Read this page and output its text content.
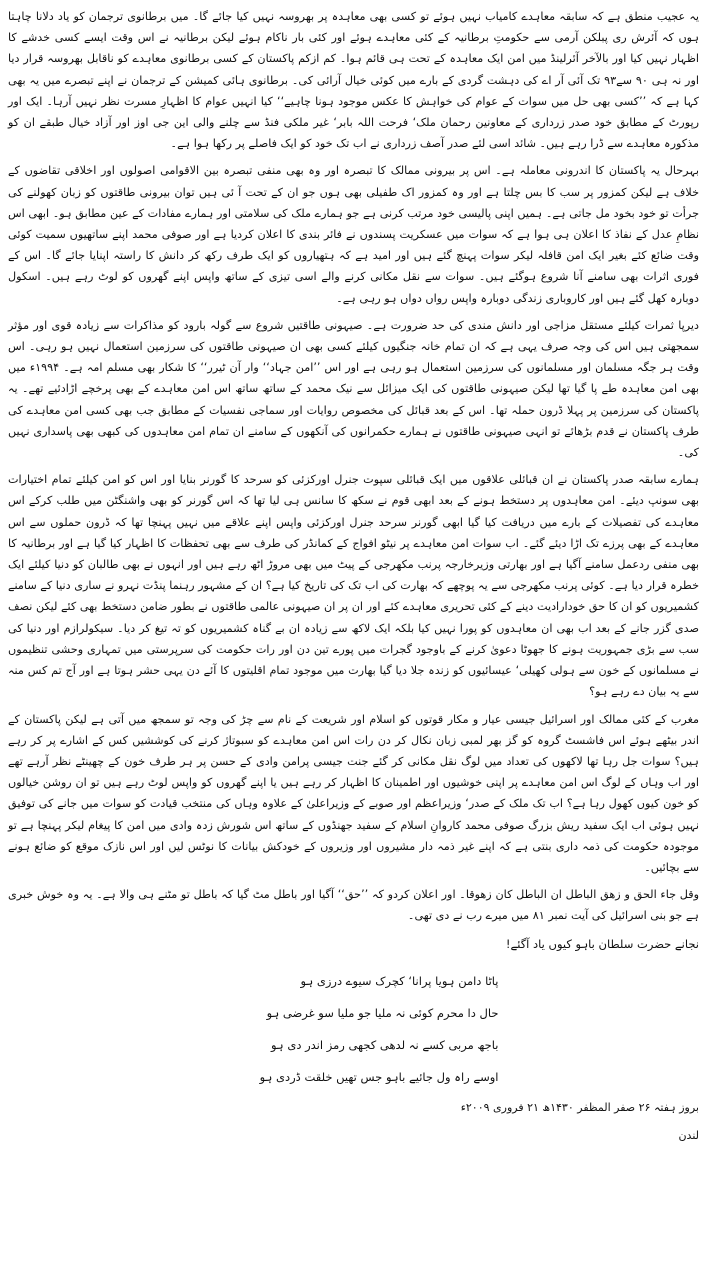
یہ عجیب منطق ہے کہ سابقہ معاہدے کامیاب نہیں ہوئے تو کسی بھی معاہدہ پر بھروسہ نہیں کیا جائے گا۔ میں برطانوی ترجمان کو یاد دلانا چاہتا ہوں کہ آئرش ری پبلکن آرمی سے حکومتِ برطانیہ کے کئی معاہدے ہوئے اور کئی بار ناکام ہوئے لیکن برطانیہ نے اس وقت ایسے کسی خدشے کا اظہار نہیں کیا اور بالآخر آئرلینڈ میں امن ایک معاہدہ کے تحت ہی قائم ہوا۔ کم ازکم پاکستان کے کسی برطانوی معاہدے کو ناقابل بھروسہ قرار دیا اور نہ ہی ۹۰ سے۹۳ تک آئی آر اے کی دہشت گردی کے بارے میں کوئی خیال آرائی کی۔ برطانوی ہائی کمیشن کے ترجمان نے اپنے تبصرے میں یہ بھی کہا ہے کہ ’’کسی بھی حل میں سوات کے عوام کی خواہش کا عکس موجود ہونا چاہیے‘‘ کیا انہیں عوام کا اظہارِ مسرت نظر نہیں آرہا۔ ایک اور رپورٹ کے مطابق خود صدر زرداری کے معاونین رحمان ملک‘ فرحت اللہ بابر‘ غیر ملکی فنڈ سے چلنے والی این جی اوز اور آزاد خیال طبقے ان کو مذکورہ معاہدے سے ڈرا رہے ہیں۔ شائد اسی لئے صدر آصف زرداری نے اب تک خود کو ایک فاصلے پر رکھا ہوا ہے۔

بہرحال یہ پاکستان کا اندرونی معاملہ ہے۔ اس پر بیرونی ممالک کا تبصرہ اور وہ بھی منفی تبصرہ بین الاقوامی اصولوں اور اخلاقی تقاضوں کے خلاف ہے لیکن کمزور پر سب کا بس چلتا ہے اور وہ کمزور اک طفیلی بھی ہوں جو ان کے تحت آ ئی ہیں توان بیرونی طاقتوں کو زبان کھولنے کی جرأت تو خود بخود مل جاتی ہے۔ ہمیں اپنی پالیسی خود مرتب کرنی ہے جو ہمارے ملک کی سلامتی اور ہمارے مفادات کے عین مطابق ہو۔ ابھی اس نظامِ عدل کے نفاذ کا اعلان ہی ہوا ہے کہ سوات میں عسکریت پسندوں نے فائر بندی کا اعلان کردیا ہے اور صوفی محمد اپنے ساتھیوں سمیت کوئی وقت ضائع کئے بغیر ایک امن قافلہ لیکر سوات پہنچ گئے ہیں اور امید ہے کہ ہتھیاروں کو ایک طرف رکھ کر دانش کا راستہ اپنایا جائے گا۔ اس کے فوری اثرات بھی سامنے آنا شروع ہوگئے ہیں۔ سوات سے نقل مکانی کرنے والے اسی تیزی کے ساتھ واپس اپنے گھروں کو لوٹ رہے ہیں۔ اسکول دوبارہ کھل گئے ہیں اور کاروباری زندگی دوبارہ واپس رواں دواں ہو رہی ہے۔

دیرپا ثمرات کیلئے مستقل مزاجی اور دانش مندی کی حد ضرورت ہے۔ صیہونی طاقتیں شروع سے گولہ بارود کو مذاکرات سے زیادہ قوی اور مؤثر سمجھتی ہیں اس کی وجہ صرف یہی ہے کہ ان تمام خانہ جنگیوں کیلئے کسی بھی ان صیہونی طاقتوں کی سرزمین استعمال نہیں ہو رہی۔ اس وقت ہر جگہ مسلمان اور مسلمانوں کی سرزمین استعمال ہو رہی ہے اور اس ’’امن جہاد‘‘ وار آن ٹیرر‘‘ کا شکار بھی مسلم امہ ہے۔ ۱۹۹۴ء میں بھی امن معاہدہ طے پا گیا تھا لیکن صیہونی طاقتوں کی ایک میزائل سے نیک محمد کے ساتھ ساتھ اس امن معاہدے کے بھی پرخچے اڑادئیے تھے۔ یہ پاکستان کی سرزمین پر پہلا ڈرون حملہ تھا۔ اس کے بعد قبائل کی مخصوص روایات اور سماجی نفسیات کے مطابق جب بھی کسی امن معاہدے کی طرف پاکستان نے قدم بڑھائے تو انہی صیہونی طاقتوں نے ہمارے حکمرانوں کی آنکھوں کے سامنے ان تمام امن معاہدوں کی کبھی بھی پاسداری نہیں کی۔

ہمارے سابقہ صدر پاکستان نے ان قبائلی علاقوں میں ایک قبائلی سپوت جنرل اورکزئی کو سرحد کا گورنر بنایا اور اس کو امن کیلئے تمام اختیارات بھی سونپ دیئے۔ امن معاہدوں پر دستخط ہونے کے بعد ابھی قوم نے سکھ کا سانس ہی لیا تھا کہ اس گورنر کو بھی واشنگٹن میں طلب کرکے اس معاہدے کی تفصیلات کے بارے میں دریافت کیا گیا ابھی گورنر سرحد جنرل اورکزئی واپس اپنے علاقے میں نہیں پہنچا تھا کہ ڈرون حملوں سے اس معاہدے کے بھی پرزے تک اڑا دیئے گئے۔ اب سوات امن معاہدے پر نیٹو افواج کے کمانڈر کی طرف سے بھی تحفظات کا اظہار کیا گیا ہے اور برطانیہ کا بھی منفی ردعمل سامنے آگیا ہے اور بھارتی وزیرخارجہ پرنب مکھرجی کے پیٹ میں بھی مروڑ اٹھ رہے ہیں اور انہوں نے بھی طالبان کو دنیا کیلئے ایک خطرہ قرار دیا ہے۔ کوئی پرنب مکھرجی سے یہ پوچھے کہ بھارت کی اب تک کی تاریخ کیا ہے؟ ان کے مشہور رہنما پنڈت نہرو نے ساری دنیا کے سامنے کشمیریوں کو ان کا حق خودارادیت دینے کے کئی تحریری معاہدے کئے اور ان پر ان صیہونی عالمی طاقتوں نے بطور ضامن دستخط بھی کئے لیکن نصف صدی گزر جانے کے بعد اب بھی ان معاہدوں کو پورا نہیں کیا بلکہ ایک لاکھ سے زیادہ ان بے گناہ کشمیریوں کو تہ تیغ کر دیا۔ سیکولرازم اور دنیا کی سب سے بڑی جمہوریت ہونے کا جھوٹا دعویٰ کرنے کے باوجود گجرات میں پورے تین دن اور رات حکومت کی سرپرستی میں تمہاری وحشی تنظیموں نے مسلمانوں کے خون سے ہولی کھیلی‘ عیسائیوں کو زندہ جلا دیا گیا بھارت میں موجود تمام اقلیتوں کا آئے دن یہی حشر ہوتا ہے اور آج تم کس منہ سے یہ بیان دے رہے ہو؟

مغرب کے کئی ممالک اور اسرائیل جیسی عیار و مکار قوتوں کو اسلام اور شریعت کے نام سے چڑ کی وجہ تو سمجھ میں آتی ہے لیکن پاکستان کے اندر بیٹھے ہوئے اس فاشسٹ گروہ کو گز بھر لمبی زبان نکال کر دن رات اس امن معاہدے کو سبوتاژ کرنے کی کوششیں کس کے اشارے پر کر رہے ہیں؟ سوات جل رہا تھا لاکھوں کی تعداد میں لوگ نقل مکانی کر گئے جنت جیسی پرامن وادی کے حسن پر ہر طرف خون کے چھینٹے نظر آرہے تھے اور اب وہاں کے لوگ اس امن معاہدے پر اپنی خوشیوں اور اطمینان کا اظہار کر رہے ہیں یا اپنے گھروں کو واپس لوٹ رہے ہیں تو ان روشن خیالوں کو خون کیوں کھول رہا ہے؟ اب تک ملک کے صدر‘ وزیراعظم اور صوبے کے وزیراعلیٰ کے علاوہ وہاں کی منتخب قیادت کو سوات میں جانے کی توفیق نہیں ہوئی اب ایک سفید ریش بزرگ صوفی محمد کاروانِ اسلام کے سفید جھنڈوں کے ساتھ اس شورش زدہ وادی میں امن کا پیغام لیکر پہنچا ہے تو موجودہ حکومت کی ذمہ داری بنتی ہے کہ اپنے غیر ذمہ دار مشیروں اور وزیروں کے خودکش بیانات کا نوٹس لیں اور اس نازک موقع کو ضائع ہونے سے بچائیں۔

وقل جاء الحق و زھق الباطل ان الباطل کان زھوقا۔ اور اعلان کردو کہ ’’حق‘‘ آگیا اور باطل مٹ گیا کہ باطل تو مٹنے ہی والا ہے۔ یہ وہ خوش خبری ہے جو بنی اسرائیل کی آیت نمبر ۸۱ میں میرے رب نے دی تھی۔

نجانے حضرت سلطان باہو کیوں یاد آگئے!

پاٹا دامن ہویا پرانا‘ کچرک سیوے درزی ہو
حال دا محرم کوئی نہ ملیا جو ملیا سو غرضی ہو
باجھ مربی کسے نہ لدھی کجھی رمز اندر دی ہو
اوسے راہ ول جائیے باہو جس تھیں خلقت ڈردی ہو
بروز ہفتہ ۲۶ صفر المظفر ۱۴۳۰ھ ۲۱ فروری ۲۰۰۹ء
لندن
